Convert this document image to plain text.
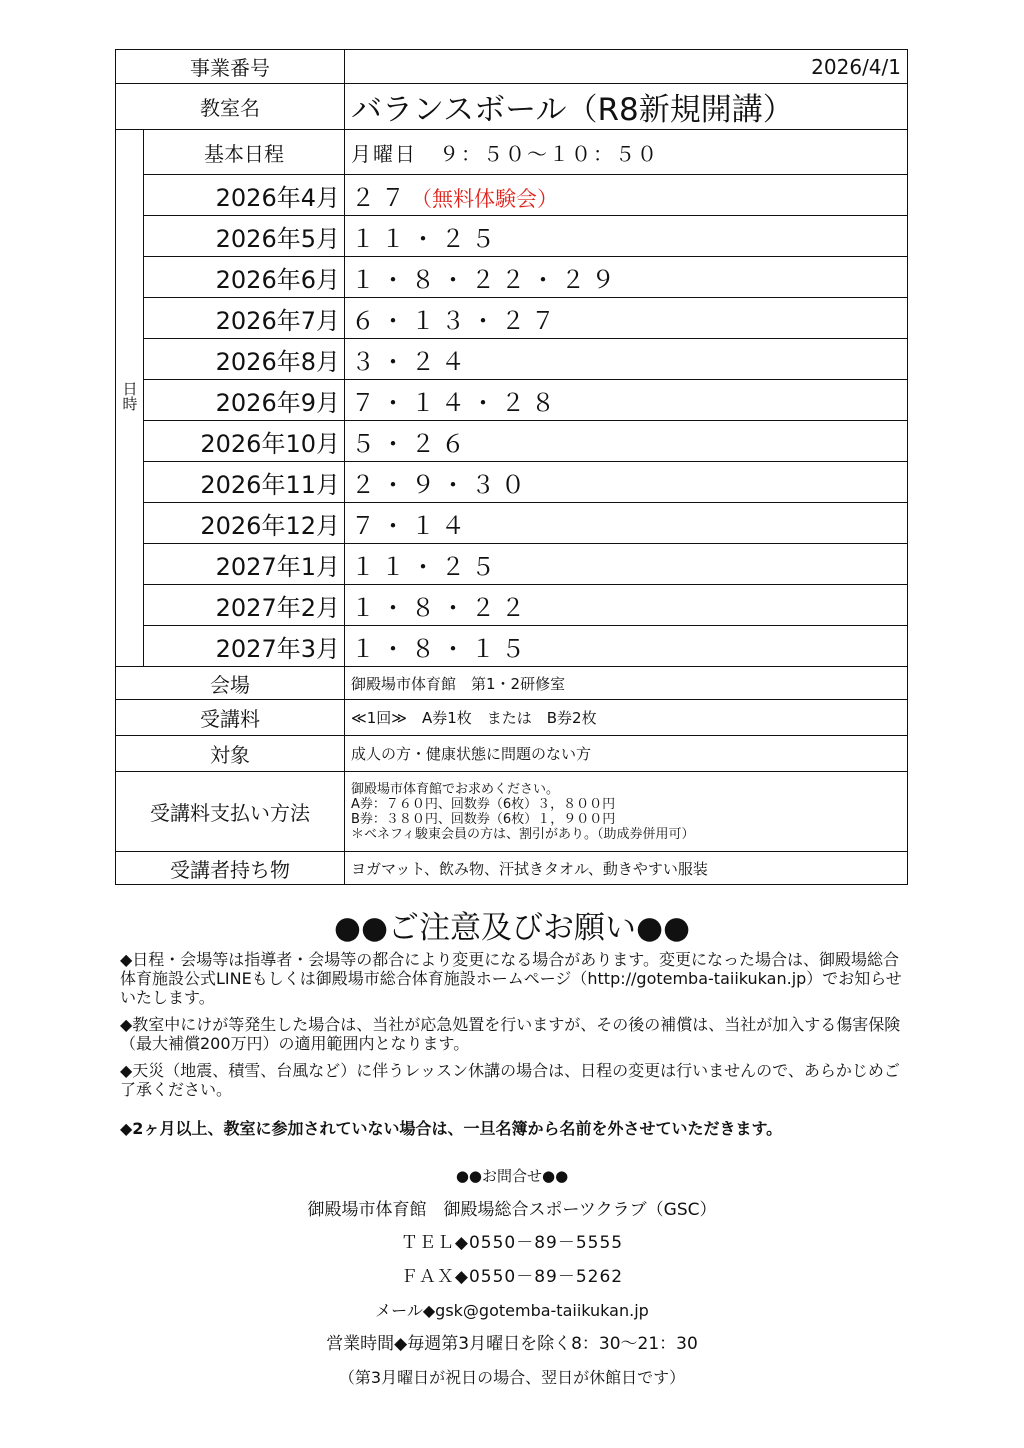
事業番号		2026/4/1
教室名		バランスボール（R8新規開講）
日時	基本日程	月曜日　９：５０～１０：５０
	2026年4月	２７（無料体験会）
	2026年5月	１１・２５
	2026年6月	１・８・２２・２９
	2026年7月	６・１３・２７
	2026年8月	３・２４
	2026年9月	７・１４・２８
	2026年10月	５・２６
	2026年11月	２・９・３０
	2026年12月	７・１４
	2027年1月	１１・２５
	2027年2月	１・８・２２
	2027年3月	１・８・１５
会場		御殿場市体育館　第1・2研修室
受講料		≪1回≫　A券1枚　または　B券2枚
対象		成人の方・健康状態に問題のない方
受講料支払い方法		御殿場市体育館でお求めください。
A券：７６０円、回数券（6枚）３，８００円
B券：３８０円、回数券（6枚）１，９００円
＊ベネフィ駿東会員の方は、割引があり。（助成券併用可）

受講者持ち物		ヨガマット、飲み物、汗拭きタオル、動きやすい服装
●●ご注意及びお願い●●

◆日程・会場等は指導者・会場等の都合により変更になる場合があります。変更になった場合は、御殿場総合体育施設公式LINEもしくは御殿場市総合体育施設ホームページ（http://gotemba-taiikukan.jp）でお知らせいたします。

◆教室中にけが等発生した場合は、当社が応急処置を行いますが、その後の補償は、当社が加入する傷害保険（最大補償200万円）の適用範囲内となります。

◆天災（地震、積雪、台風など）に伴うレッスン休講の場合は、日程の変更は行いませんので、あらかじめご了承ください。

◆2ヶ月以上、教室に参加されていない場合は、一旦名簿から名前を外させていただきます。

●●お問合せ●●
御殿場市体育館　御殿場総合スポーツクラブ（GSC）
ＴＥＬ◆0550－89－5555
ＦＡＸ◆0550－89－5262
メール◆gsk@gotemba-taiikukan.jp
営業時間◆毎週第3月曜日を除く8：30～21：30
（第3月曜日が祝日の場合、翌日が休館日です）
